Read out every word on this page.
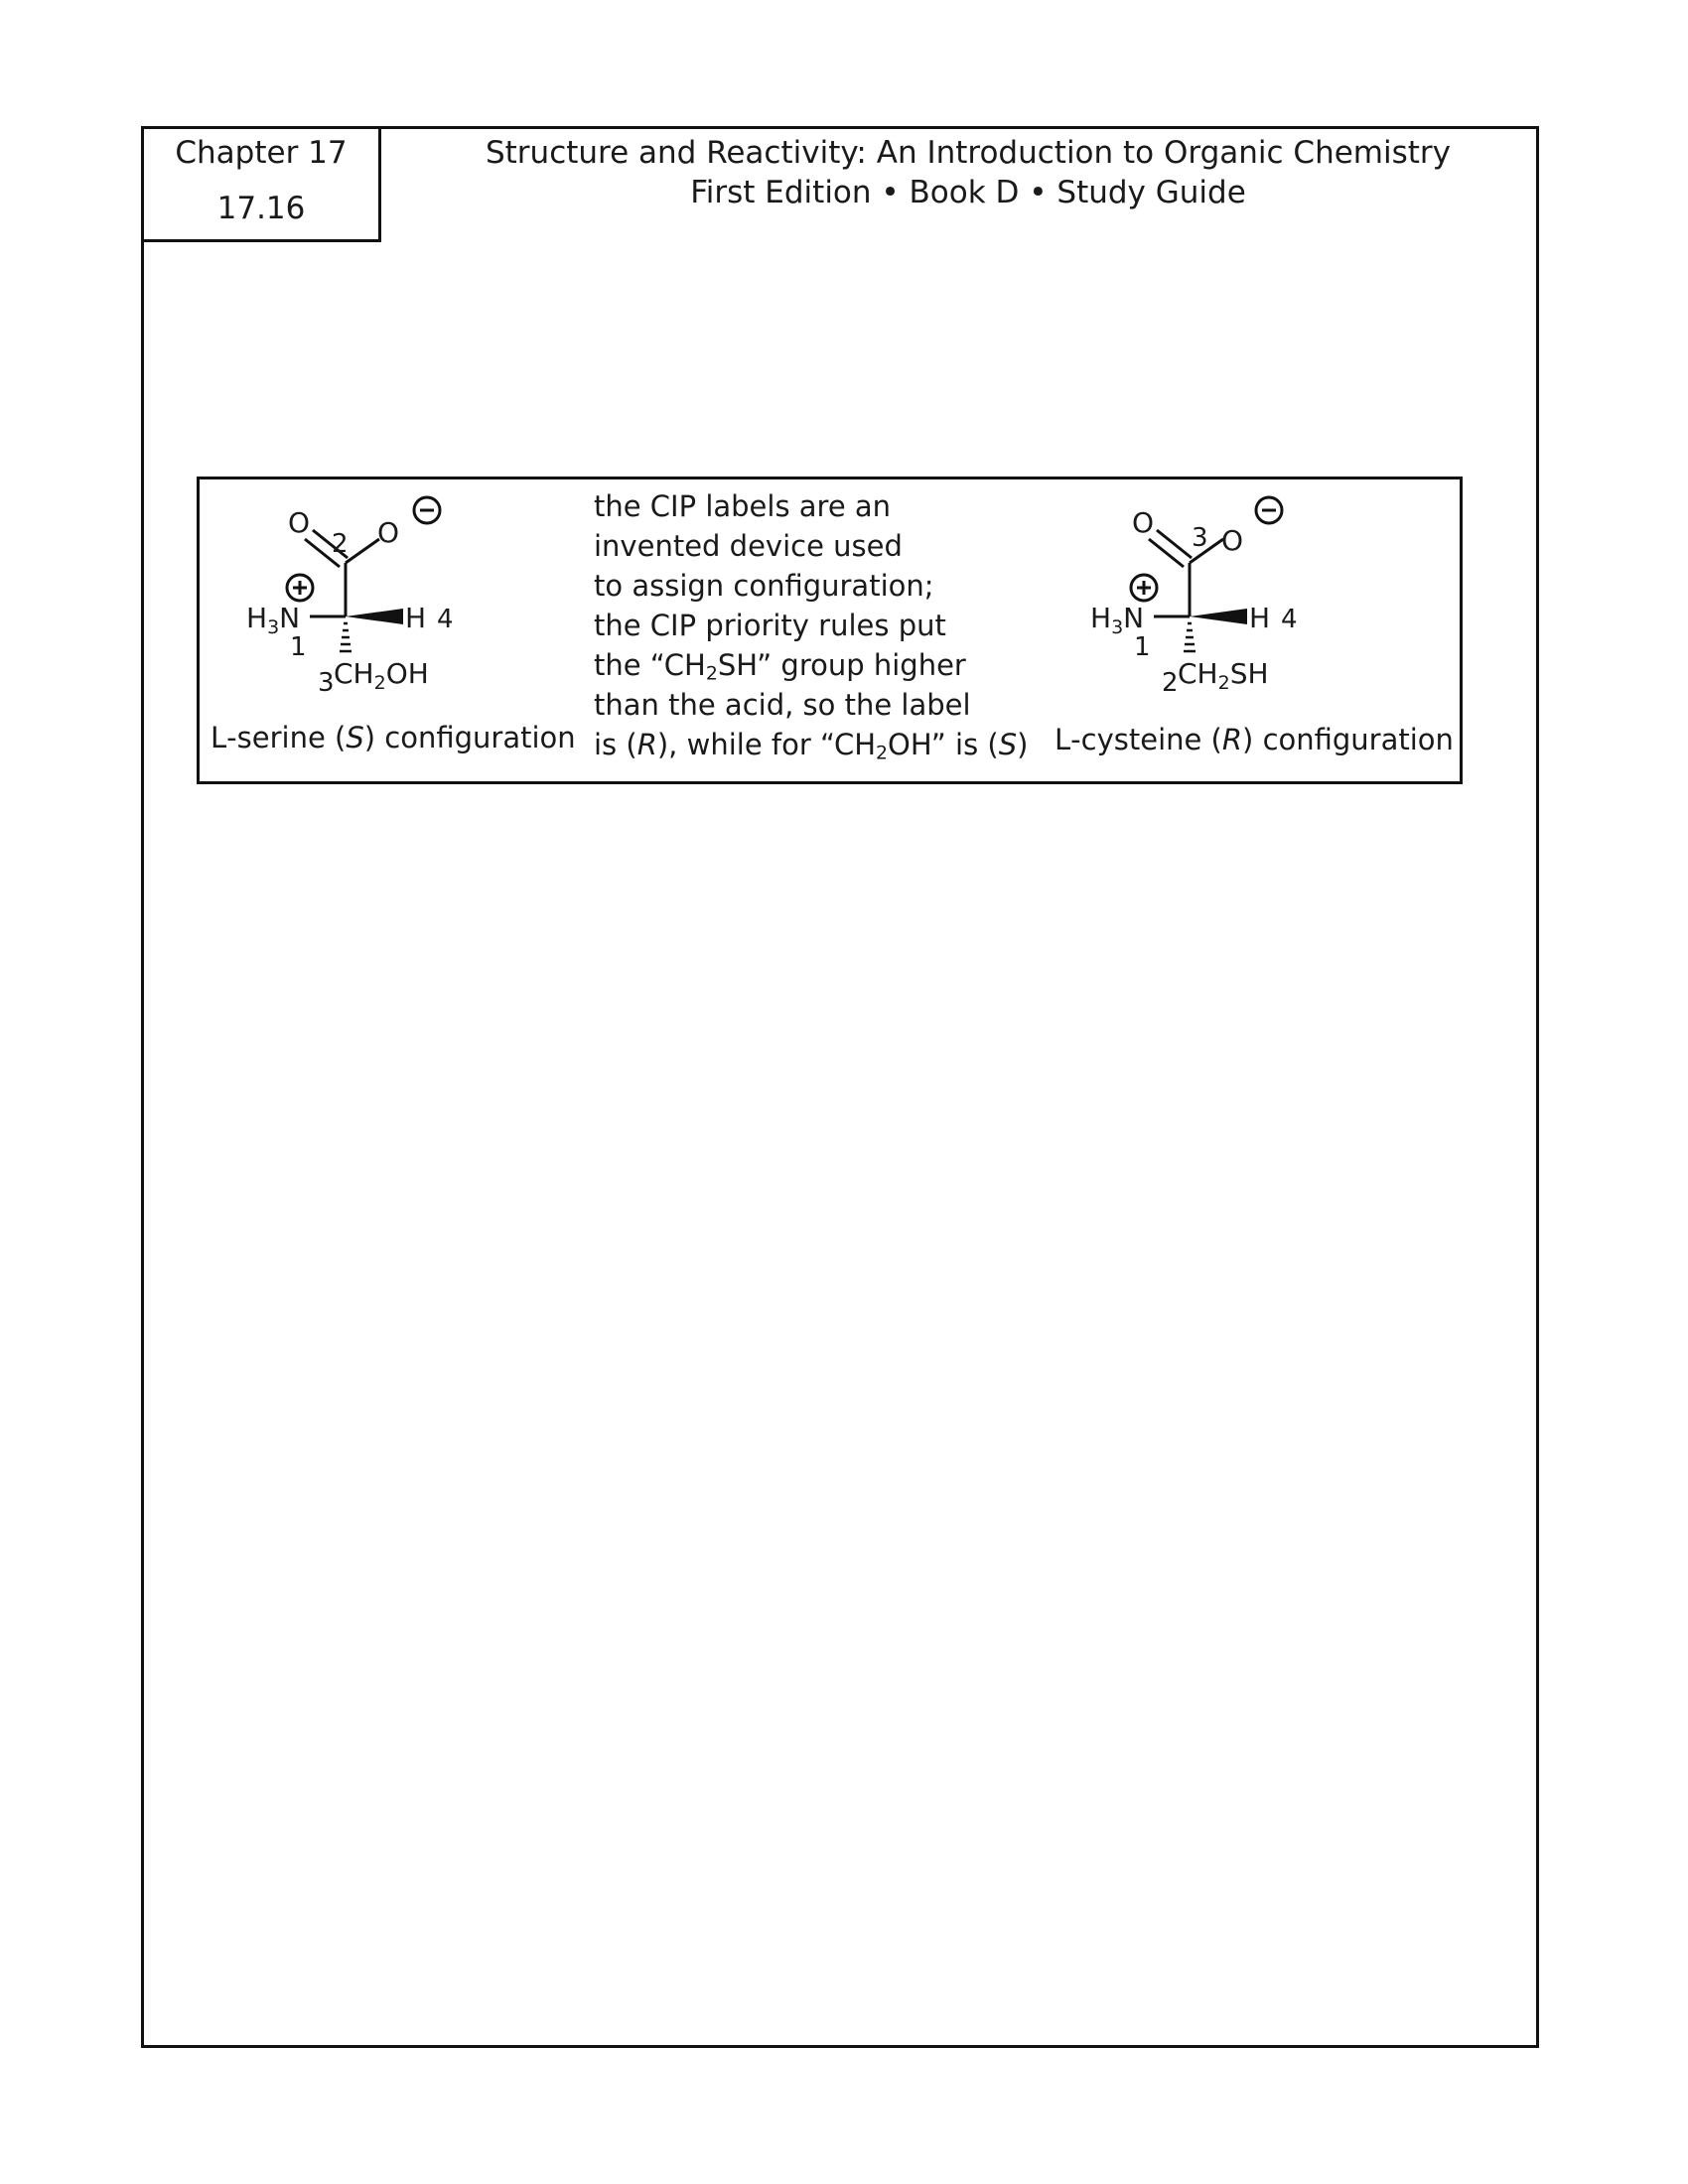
Chapter 17
17.16
Structure and Reactivity: An Introduction to Organic Chemistry
First Edition • Book D • Study Guide
O
2 O
$H_3N$
1
H 4
3 $CH_2OH$
L-serine (S) configuration
the CIP labels are an
invented device used
to assign configuration;
the CIP priority rules put
the “$CH_2SH$” group higher
than the acid, so the label
is (R), while for “$CH_2OH$” is (S)
O 3 O
$H_3N$
1
H 4
2 $CH_2SH$
L-cysteine (R) configuration
